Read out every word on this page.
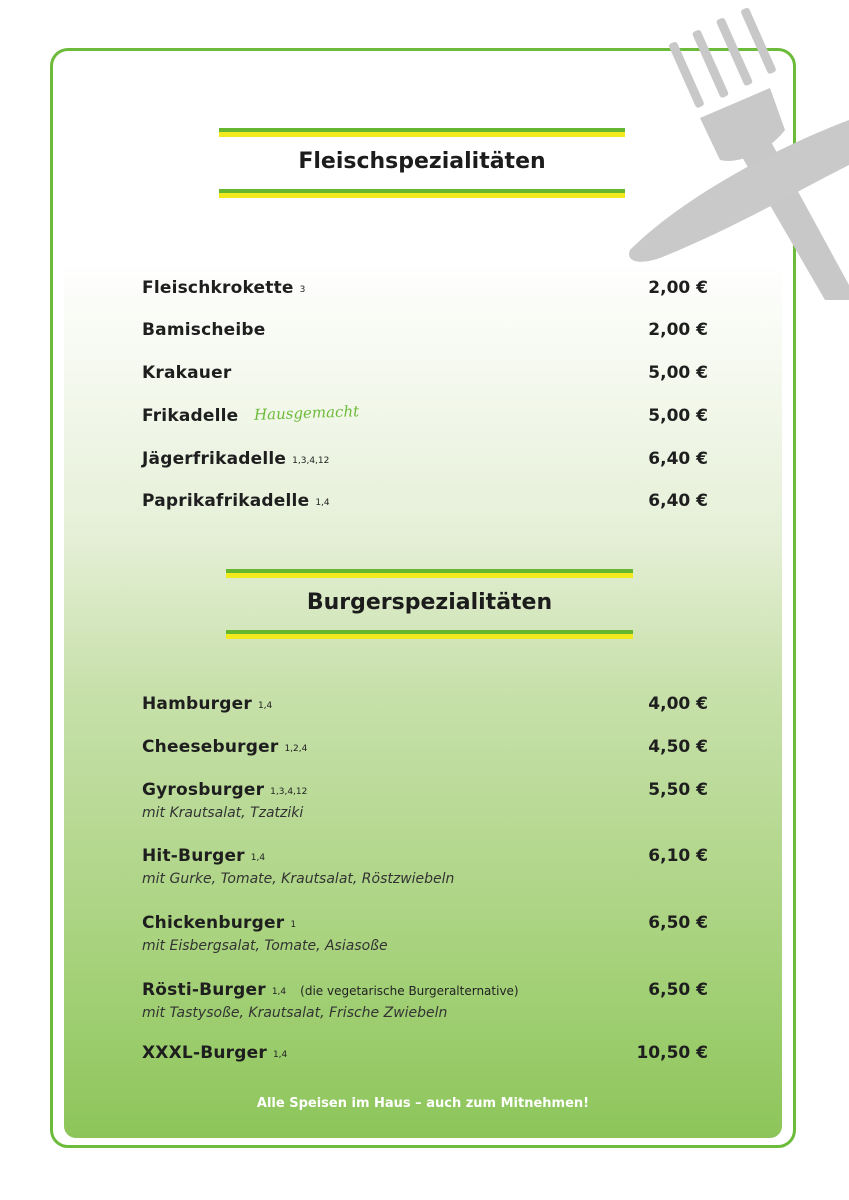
Fleischspezialitäten
Fleischkrokette 3	2,00 €
Bamischeibe	2,00 €
Krakauer	5,00 €
Frikadelle Hausgemacht	5,00 €
Jägerfrikadelle 1,3,4,12	6,40 €
Paprikafrikadelle 1,4	6,40 €
Burgerspezialitäten
Hamburger 1,4	4,00 €
Cheeseburger 1,2,4	4,50 €
Gyrosburger 1,3,4,12	5,50 €
mit Krautsalat, Tzatziki
Hit-Burger 1,4	6,10 €
mit Gurke, Tomate, Krautsalat, Röstzwiebeln
Chickenburger 1	6,50 €
mit Eisbergsalat, Tomate, Asiasoße
Rösti-Burger 1,4 (die vegetarische Burgeralternative)	6,50 €
mit Tastysoße, Krautsalat, Frische Zwiebeln
XXXL-Burger 1,4	10,50 €
Alle Speisen im Haus – auch zum Mitnehmen!
